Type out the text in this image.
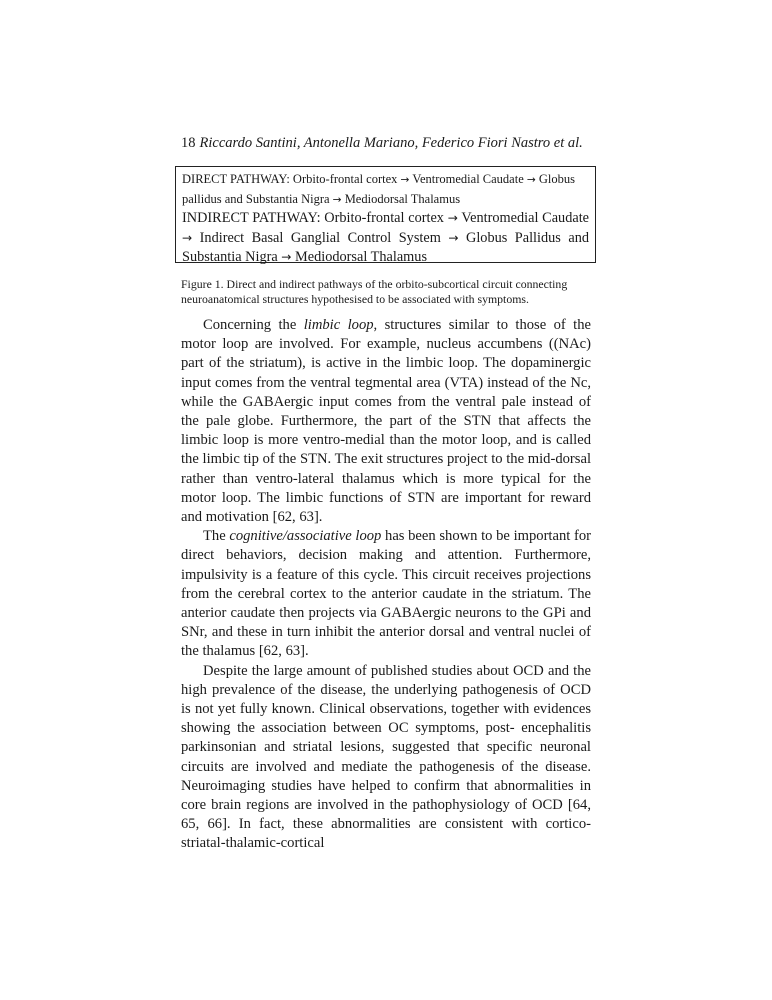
18 Riccardo Santini, Antonella Mariano, Federico Fiori Nastro et al.
DIRECT PATHWAY: Orbito-frontal cortex → Ventromedial Caudate → Globus pallidus and Substantia Nigra → Mediodorsal Thalamus
INDIRECT PATHWAY: Orbito-frontal cortex → Ventromedial Caudate → Indirect Basal Ganglial Control System → Globus Pallidus and Substantia Nigra → Mediodorsal Thalamus
Figure 1. Direct and indirect pathways of the orbito-subcortical circuit connecting neuroanatomical structures hypothesised to be associated with symptoms.

Concerning the limbic loop, structures similar to those of the motor loop are involved. For example, nucleus accumbens ((NAc) part of the striatum), is active in the limbic loop. The dopaminergic input comes from the ventral tegmental area (VTA) instead of the Nc, while the GABAergic input comes from the ventral pale instead of the pale globe. Furthermore, the part of the STN that affects the limbic loop is more ventro-medial than the motor loop, and is called the limbic tip of the STN. The exit structures project to the mid-dorsal rather than ventro-lateral thalamus which is more typical for the motor loop. The limbic functions of STN are important for reward and motivation [62, 63].

The cognitive/associative loop has been shown to be important for direct behaviors, decision making and attention. Furthermore, impulsivity is a feature of this cycle. This circuit receives projections from the cerebral cortex to the anterior caudate in the striatum. The anterior caudate then projects via GABAergic neurons to the GPi and SNr, and these in turn inhibit the anterior dorsal and ventral nuclei of the thalamus [62, 63].

Despite the large amount of published studies about OCD and the high prevalence of the disease, the underlying pathogenesis of OCD is not yet fully known. Clinical observations, together with evidences showing the association between OC symptoms, post- encephalitis parkinsonian and striatal lesions, suggested that specific neuronal circuits are involved and mediate the pathogenesis of the disease. Neuroimaging studies have helped to confirm that abnormalities in core brain regions are involved in the pathophysiology of OCD [64, 65, 66]. In fact, these abnormalities are consistent with cortico-striatal-thalamic-cortical
